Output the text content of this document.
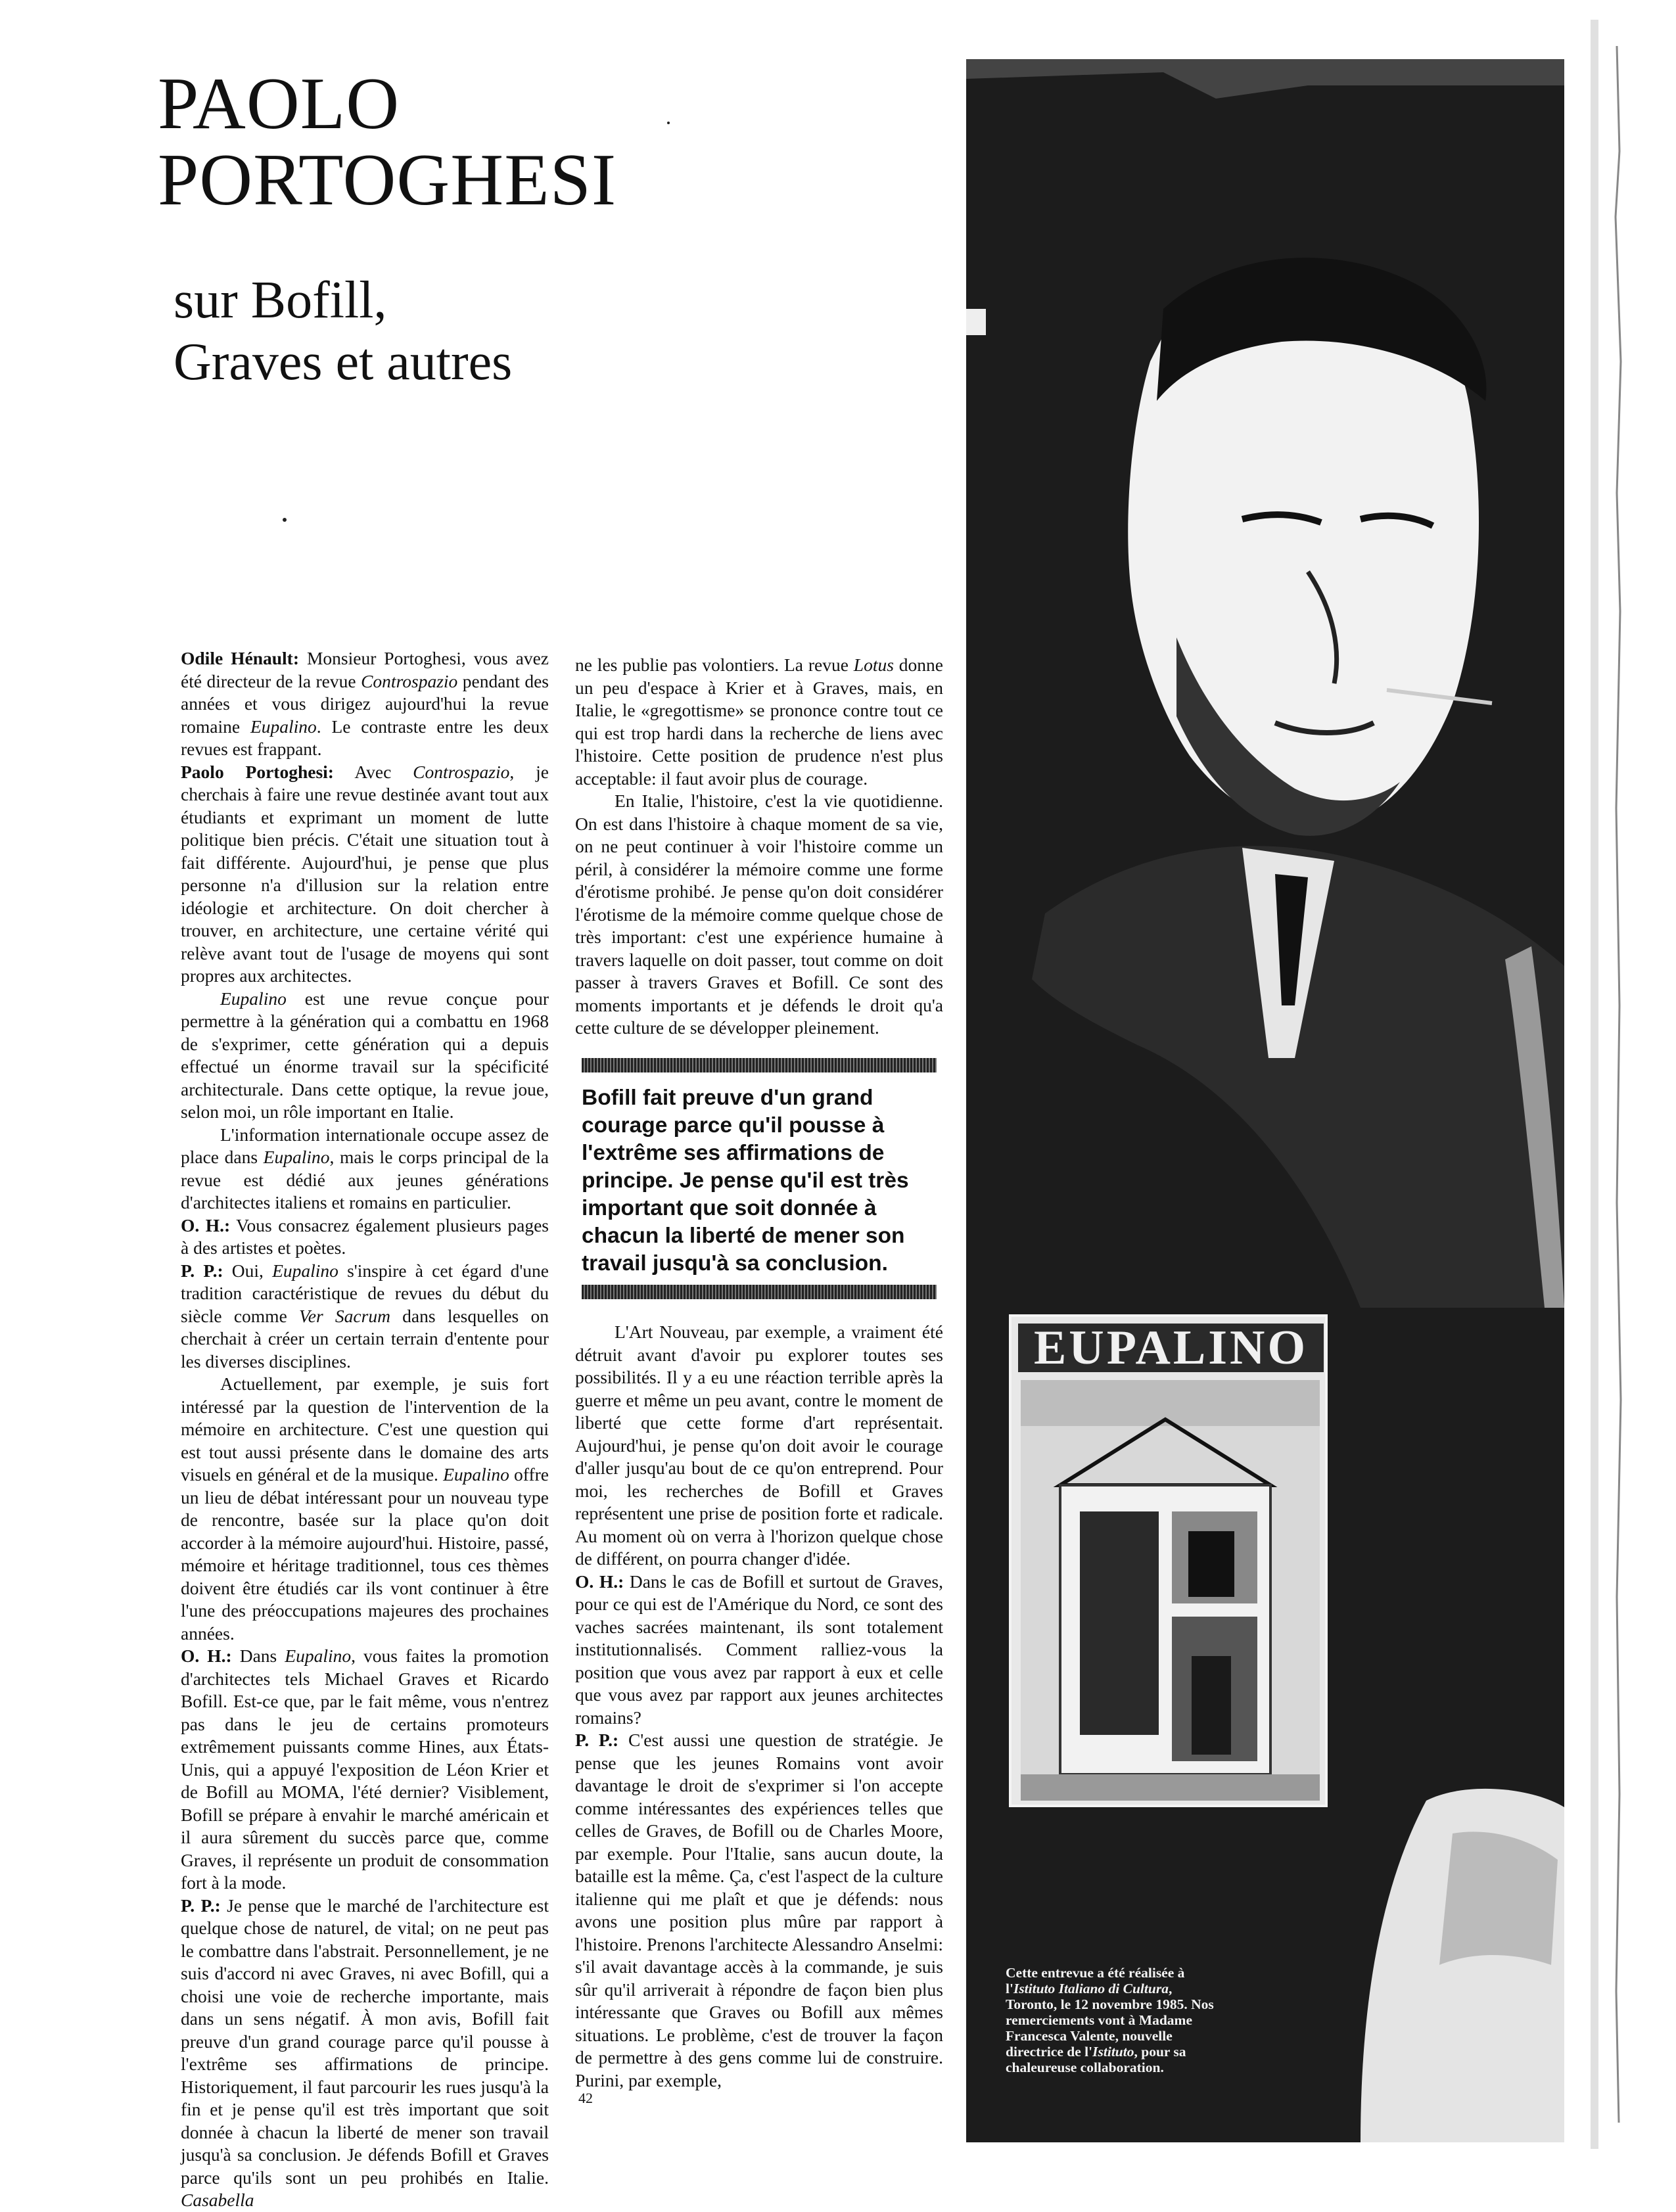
PAOLO
PORTOGHESI
sur Bofill,
Graves et autres

Odile Hénault: Monsieur Portoghesi, vous avez été directeur de la revue Controspazio pendant des années et vous dirigez aujourd'hui la revue romaine Eupalino. Le contraste entre les deux revues est frappant.

Paolo Portoghesi: Avec Controspazio, je cherchais à faire une revue destinée avant tout aux étudiants et exprimant un moment de lutte politique bien précis. C'était une situation tout à fait différente. Aujourd'hui, je pense que plus personne n'a d'illusion sur la relation entre idéologie et architecture. On doit chercher à trouver, en architecture, une certaine vérité qui relève avant tout de l'usage de moyens qui sont propres aux architectes.

Eupalino est une revue conçue pour permettre à la génération qui a combattu en 1968 de s'exprimer, cette génération qui a depuis effectué un énorme travail sur la spécificité architecturale. Dans cette optique, la revue joue, selon moi, un rôle important en Italie.

L'information internationale occupe assez de place dans Eupalino, mais le corps principal de la revue est dédié aux jeunes générations d'architectes italiens et romains en particulier.

O. H.: Vous consacrez également plusieurs pages à des artistes et poètes.

P. P.: Oui, Eupalino s'inspire à cet égard d'une tradition caractéristique de revues du début du siècle comme Ver Sacrum dans lesquelles on cherchait à créer un certain terrain d'entente pour les diverses disciplines.

Actuellement, par exemple, je suis fort intéressé par la question de l'intervention de la mémoire en architecture. C'est une question qui est tout aussi présente dans le domaine des arts visuels en général et de la musique. Eupalino offre un lieu de débat intéressant pour un nouveau type de rencontre, basée sur la place qu'on doit accorder à la mémoire aujourd'hui. Histoire, passé, mémoire et héritage traditionnel, tous ces thèmes doivent être étudiés car ils vont continuer à être l'une des préoccupations majeures des prochaines années.

O. H.: Dans Eupalino, vous faites la promotion d'architectes tels Michael Graves et Ricardo Bofill. Est-ce que, par le fait même, vous n'entrez pas dans le jeu de certains promoteurs extrêmement puissants comme Hines, aux États-Unis, qui a appuyé l'exposition de Léon Krier et de Bofill au MOMA, l'été dernier? Visiblement, Bofill se prépare à envahir le marché américain et il aura sûrement du succès parce que, comme Graves, il représente un produit de consommation fort à la mode.

P. P.: Je pense que le marché de l'architecture est quelque chose de naturel, de vital; on ne peut pas le combattre dans l'abstrait. Personnellement, je ne suis d'accord ni avec Graves, ni avec Bofill, qui a choisi une voie de recherche importante, mais dans un sens négatif. À mon avis, Bofill fait preuve d'un grand courage parce qu'il pousse à l'extrême ses affirmations de principe. Historiquement, il faut parcourir les rues jusqu'à la fin et je pense qu'il est très important que soit donnée à chacun la liberté de mener son travail jusqu'à sa conclusion. Je défends Bofill et Graves parce qu'ils sont un peu prohibés en Italie. Casabella

ne les publie pas volontiers. La revue Lotus donne un peu d'espace à Krier et à Graves, mais, en Italie, le «gregottisme» se prononce contre tout ce qui est trop hardi dans la recherche de liens avec l'histoire. Cette position de prudence n'est plus acceptable: il faut avoir plus de courage.

En Italie, l'histoire, c'est la vie quotidienne. On est dans l'histoire à chaque moment de sa vie, on ne peut continuer à voir l'histoire comme un péril, à considérer la mémoire comme une forme d'érotisme prohibé. Je pense qu'on doit considérer l'érotisme de la mémoire comme quelque chose de très important: c'est une expérience humaine à travers laquelle on doit passer, tout comme on doit passer à travers Graves et Bofill. Ce sont des moments importants et je défends le droit qu'a cette culture de se développer pleinement.

Bofill fait preuve d'un grand courage parce qu'il pousse à l'extrême ses affirmations de principe. Je pense qu'il est très important que soit donnée à chacun la liberté de mener son travail jusqu'à sa conclusion.

L'Art Nouveau, par exemple, a vraiment été détruit avant d'avoir pu explorer toutes ses possibilités. Il y a eu une réaction terrible après la guerre et même un peu avant, contre le moment de liberté que cette forme d'art représentait. Aujourd'hui, je pense qu'on doit avoir le courage d'aller jusqu'au bout de ce qu'on entreprend. Pour moi, les recherches de Bofill et Graves représentent une prise de position forte et radicale. Au moment où on verra à l'horizon quelque chose de différent, on pourra changer d'idée.

O. H.: Dans le cas de Bofill et surtout de Graves, pour ce qui est de l'Amérique du Nord, ce sont des vaches sacrées maintenant, ils sont totalement institutionnalisés. Comment ralliez-vous la position que vous avez par rapport à eux et celle que vous avez par rapport aux jeunes architectes romains?

P. P.: C'est aussi une question de stratégie. Je pense que les jeunes Romains vont avoir davantage le droit de s'exprimer si l'on accepte comme intéressantes des expériences telles que celles de Graves, de Bofill ou de Charles Moore, par exemple. Pour l'Italie, sans aucun doute, la bataille est la même. Ça, c'est l'aspect de la culture italienne qui me plaît et que je défends: nous avons une position plus mûre par rapport à l'histoire. Prenons l'architecte Alessandro Anselmi: s'il avait davantage accès à la commande, je suis sûr qu'il arriverait à répondre de façon bien plus intéressante que Graves ou Bofill aux mêmes situations. Le problème, c'est de trouver la façon de permettre à des gens comme lui de construire. Purini, par exemple,

42
EUPALINO
Cette entrevue a été réalisée à l'Istituto Italiano di Cultura, Toronto, le 12 novembre 1985. Nos remerciements vont à Madame Francesca Valente, nouvelle directrice de l'Istituto, pour sa chaleureuse collaboration.
